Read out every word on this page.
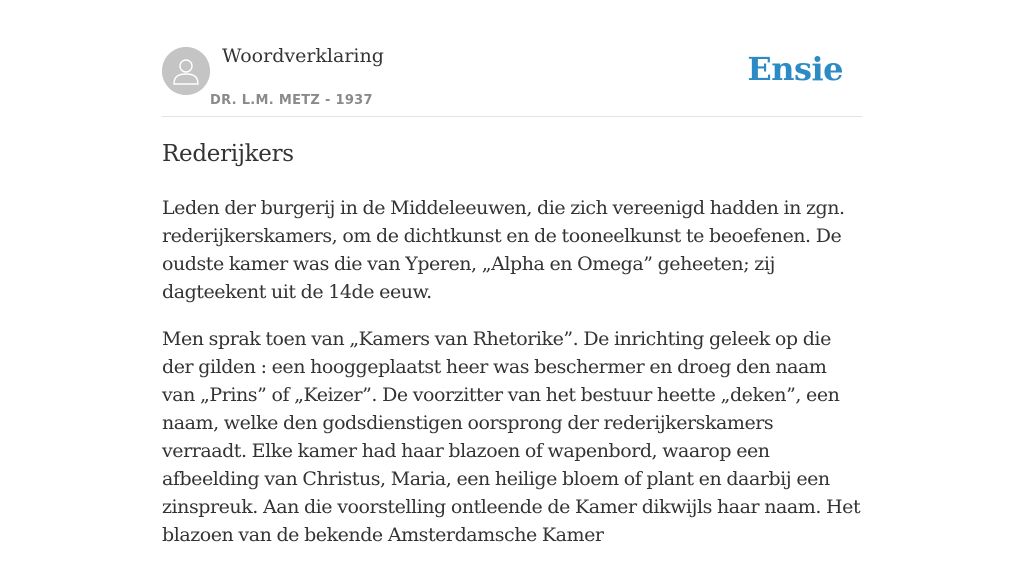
Woordverklaring
DR. L.M. METZ - 1937
Ensie
Rederijkers

Leden der burgerij in de Middeleeuwen, die zich vereenigd hadden in zgn. rederijkerskamers, om de dichtkunst en de tooneelkunst te beoefenen. De oudste kamer was die van Yperen, „Alpha en Omega” geheeten; zij dagteekent uit de 14de eeuw.

Men sprak toen van „Kamers van Rhetorike”. De inrichting geleek op die der gilden : een hooggeplaatst heer was beschermer en droeg den naam van „Prins” of „Keizer”. De voorzitter van het bestuur heette „deken”, een naam, welke den godsdienstigen oorsprong der rederijkerskamers verraadt. Elke kamer had haar blazoen of wapenbord, waarop een afbeelding van Christus, Maria, een heilige bloem of plant en daarbij een zinspreuk. Aan die voorstelling ontleende de Kamer dikwijls haar naam. Het blazoen van de bekende Amsterdamsche Kamer
